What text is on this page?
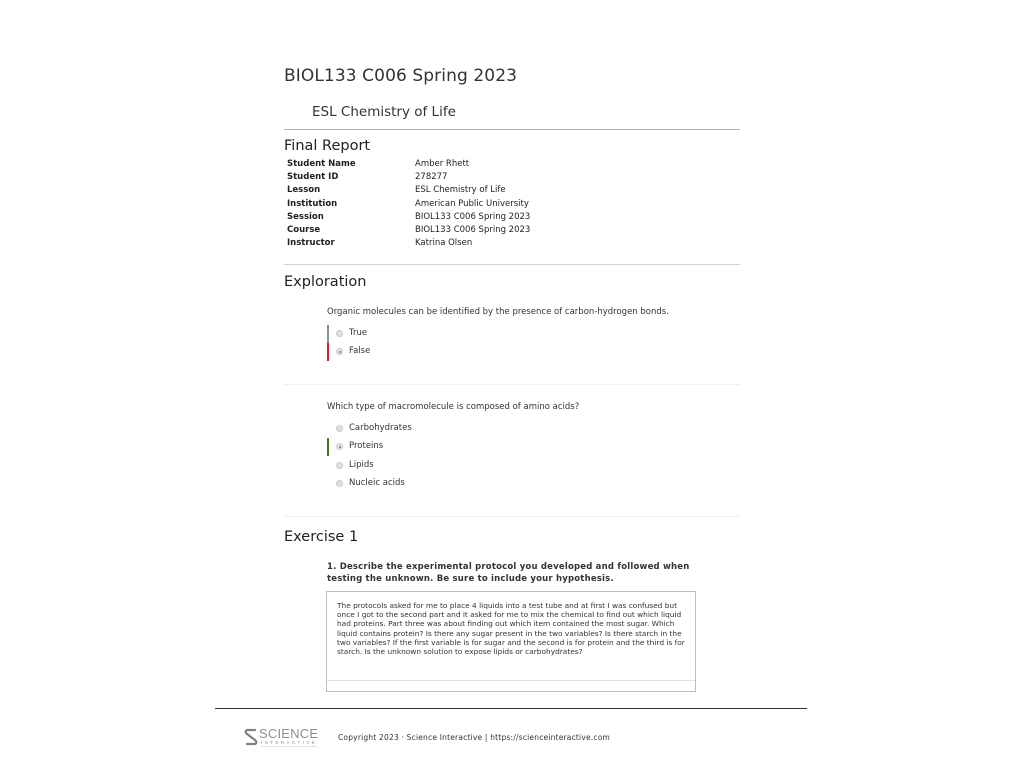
BIOL133 C006 Spring 2023
ESL Chemistry of Life
Final Report
Student Name	Amber Rhett
Student ID	278277
Lesson	ESL Chemistry of Life
Institution	American Public University
Session	BIOL133 C006 Spring 2023
Course	BIOL133 C006 Spring 2023
Instructor	Katrina Olsen
Exploration

Organic molecules can be identified by the presence of carbon-hydrogen bonds.

True
False

Which type of macromolecule is composed of amino acids?

Carbohydrates
Proteins
Lipids
Nucleic acids
Exercise 1

1. Describe the experimental protocol you developed and followed when testing the unknown. Be sure to include your hypothesis.

The protocols asked for me to place 4 liquids into a test tube and at first I was confused but once I got to the second part and it asked for me to mix the chemical to find out which liquid had proteins. Part three was about finding out which item contained the most sugar. Which liquid contains protein? Is there any sugar present in the two variables? Is there starch in the two variables? If the first variable is for sugar and the second is for protein and the third is for starch. Is the unknown solution to expose lipids or carbohydrates?

SCIENCE
INTERACTIVE
Copyright 2023 · Science Interactive | https://scienceinteractive.com
